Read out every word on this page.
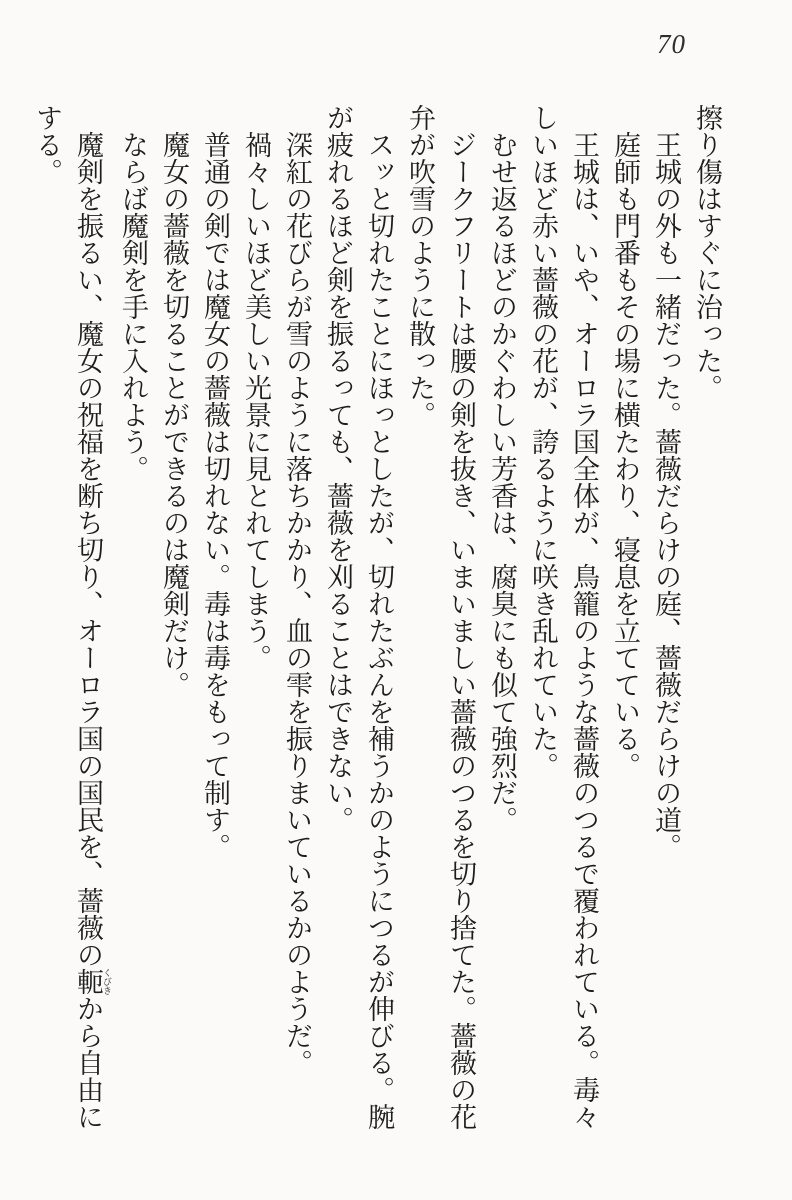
70

擦り傷はすぐに治った。

王城の外も一緒だった。薔薇だらけの庭、薔薇だらけの道。

庭師も門番もその場に横たわり、寝息を立てている。

王城は、いや、オーロラ国全体が、鳥籠のような薔薇のつるで覆われている。毒々しいほど赤い薔薇の花が、誇るように咲き乱れていた。

むせ返るほどのかぐわしい芳香は、腐臭にも似て強烈だ。

ジークフリートは腰の剣を抜き、いまいましい薔薇のつるを切り捨てた。薔薇の花弁が吹雪のように散った。

スッと切れたことにほっとしたが、切れたぶんを補うかのようにつるが伸びる。腕が疲れるほど剣を振るっても、薔薇を刈ることはできない。

深紅の花びらが雪のように落ちかかり、血の雫を振りまいているかのようだ。

禍々しいほど美しい光景に見とれてしまう。

普通の剣では魔女の薔薇は切れない。毒は毒をもって制す。

魔女の薔薇を切ることができるのは魔剣だけ。

ならば魔剣を手に入れよう。

魔剣を振るい、魔女の祝福を断ち切り、オーロラ国の国民を、薔薇の軛 くびきから自由にする。
